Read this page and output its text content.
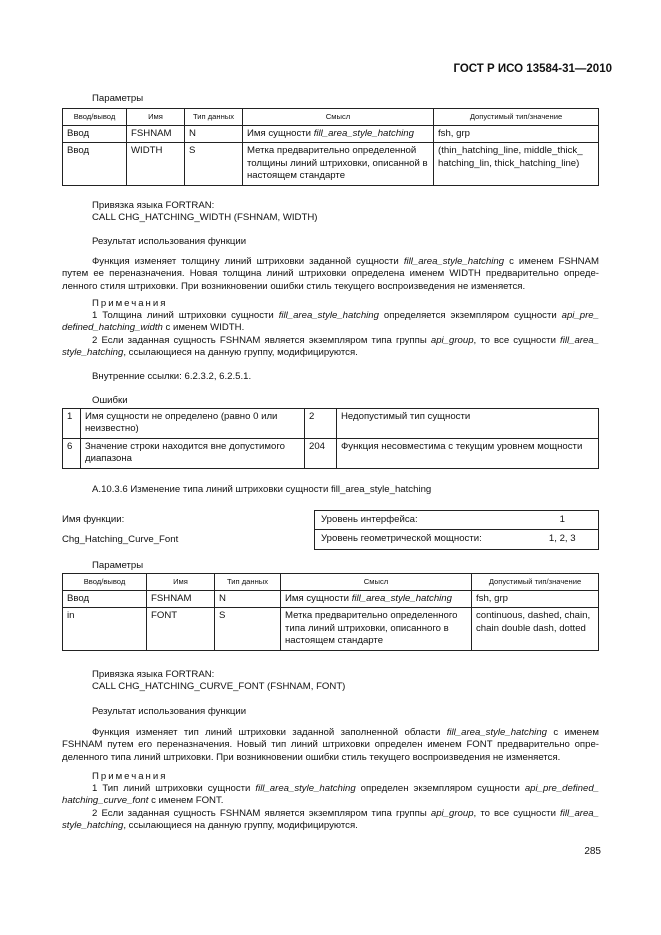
ГОСТ Р ИСО 13584-31—2010
Параметры
Ввод/вывод	Имя	Тип данных	Смысл	Допустимый тип/значение
Ввод	FSHNAM	N	Имя сущности fill_area_style_hatching	fsh, grp
Ввод	WIDTH	S	Метка предварительно определенной толщины линий штриховки, описанной в настоящем стандарте	(thin_hatching_line, middle_thick_ hatching_lin, thick_hatching_line)
Привязка языка FORTRAN:
CALL CHG_HATCHING_WIDTH (FSHNAM, WIDTH)
Результат использования функции

Функция изменяет толщину линий штриховки заданной сущности fill_area_style_hatching с именем FSHNAM путем ее переназначения. Новая толщина линий штриховки определена именем WIDTH предварительно определенного стиля штриховки. При возникновении ошибки стиль текущего воспроизведения не изменяется.

Примечания

1 Толщина линий штриховки сущности fill_area_style_hatching определяется экземпляром сущности api_pre_ defined_hatching_width с именем WIDTH.

2 Если заданная сущность FSHNAM является экземпляром типа группы api_group, то все сущности fill_area_ style_hatching, ссылающиеся на данную группу, модифицируются.

Внутренние ссылки: 6.2.3.2, 6.2.5.1.
Ошибки
1	Имя сущности не определено (равно 0 или неизвестно)	2	Недопустимый тип сущности
6	Значение строки находится вне допустимого диапазона	204	Функция несовместима с текущим уровнем мощности
А.10.3.6 Изменение типа линий штриховки сущности fill_area_style_hatching
Имя функции:
Chg_Hatching_Curve_Font
Уровень интерфейса:	1
Уровень геометрической мощности:	1, 2, 3
Параметры
Ввод/вывод	Имя	Тип данных	Смысл	Допустимый тип/значение
Ввод	FSHNAM	N	Имя сущности fill_area_style_hatching	fsh, grp
in	FONT	S	Метка предварительно определенного типа линий штриховки, описанного в настоящем стандарте	continuous, dashed, chain, chain double dash, dotted
Привязка языка FORTRAN:
CALL CHG_HATCHING_CURVE_FONT (FSHNAM, FONT)
Результат использования функции

Функция изменяет тип линий штриховки заданной заполненной области fill_area_style_hatching с именем FSHNAM путем его переназначения. Новый тип линий штриховки определен именем FONT предварительно определенного типа линий штриховки. При возникновении ошибки стиль текущего воспроизведения не изменяется.

Примечания

1 Тип линий штриховки сущности fill_area_style_hatching определен экземпляром сущности api_pre_defined_ hatching_curve_font с именем FONT.

2 Если заданная сущность FSHNAM является экземпляром типа группы api_group, то все сущности fill_area_ style_hatching, ссылающиеся на данную группу, модифицируются.

285
